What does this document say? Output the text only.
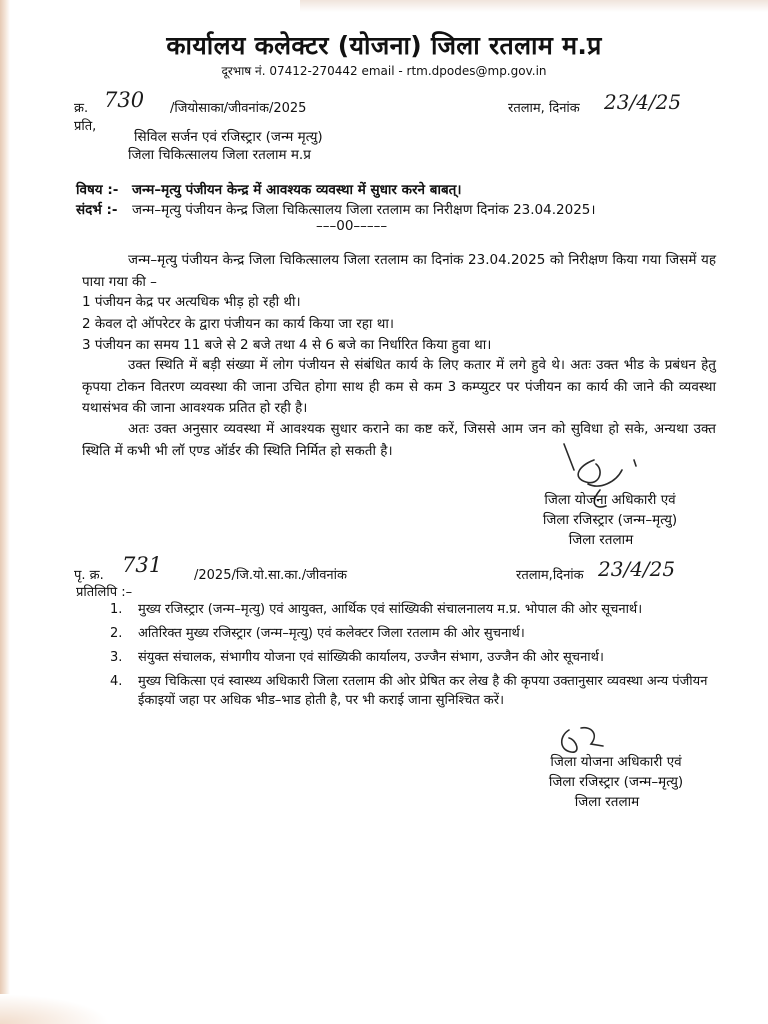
कार्यालय कलेक्टर (योजना) जिला रतलाम म.प्र
दूरभाष नं. 07412-270442 email - rtm.dpodes@mp.gov.in
क्र. 730 /जियोसाका/जीवनांक/2025	रतलाम, दिनांक 23/4/25
प्रति,
सिविल सर्जन एवं रजिस्ट्रार (जन्म मृत्यु)
जिला चिकित्सालय जिला रतलाम म.प्र
विषय :- जन्म–मृत्यु पंजीयन केन्द्र में आवश्यक व्यवस्था में सुधार करने बाबत्।
संदर्भ :- जन्म–मृत्यु पंजीयन केन्द्र जिला चिकित्सालय जिला रतलाम का निरीक्षण दिनांक 23.04.2025।
–––00–––––
जन्म–मृत्यु पंजीयन केन्द्र जिला चिकित्सालय जिला रतलाम का दिनांक 23.04.2025 को निरीक्षण किया गया जिसमें यह पाया गया की –
1 पंजीयन केद्र पर अत्यधिक भीड़ हो रही थी।
2 केवल दो ऑपरेटर के द्वारा पंजीयन का कार्य किया जा रहा था।
3 पंजीयन का समय 11 बजे से 2 बजे तथा 4 से 6 बजे का निर्धारित किया हुवा था।
उक्त स्थिति में बड़ी संख्या में लोग पंजीयन से संबंधित कार्य के लिए कतार में लगे हुवे थे। अतः उक्त भीड के प्रबंधन हेतु कृपया टोकन वितरण व्यवस्था की जाना उचित होगा साथ ही कम से कम 3 कम्प्युटर पर पंजीयन का कार्य की जाने की व्यवस्था यथासंभव की जाना आवश्यक प्रतित हो रही है।
अतः उक्त अनुसार व्यवस्था में आवश्यक सुधार कराने का कष्ट करें, जिससे आम जन को सुविधा हो सके, अन्यथा उक्त स्थिति में कभी भी लॉ एण्ड ऑर्डर की स्थिति निर्मित हो सकती है।
जिला योजना अधिकारी एवं
जिला रजिस्ट्रार (जन्म–मृत्यु)
जिला रतलाम
पृ. क्र. 731 /2025/जि.यो.सा.का./जीवनांक	रतलाम,दिनांक 23/4/25
प्रतिलिपि :–
1. मुख्य रजिस्ट्रार (जन्म–मृत्यु) एवं आयुक्त, आर्थिक एवं सांख्यिकी संचालनालय म.प्र. भोपाल की ओर सूचनार्थ।
2. अतिरिक्त मुख्य रजिस्ट्रार (जन्म–मृत्यु) एवं कलेक्टर जिला रतलाम की ओर सुचनार्थ।
3. संयुक्त संचालक, संभागीय योजना एवं सांख्यिकी कार्यालय, उज्जैन संभाग, उज्जैन की ओर सूचनार्थ।
4. मुख्य चिकित्सा एवं स्वास्थ्य अधिकारी जिला रतलाम की ओर प्रेषित कर लेख है की कृपया उक्तानुसार व्यवस्था अन्य पंजीयन ईकाइयों जहा पर अधिक भीड–भाड होती है, पर भी कराई जाना सुनिश्चित करें।
जिला योजना अधिकारी एवं
जिला रजिस्ट्रार (जन्म–मृत्यु)
जिला रतलाम
